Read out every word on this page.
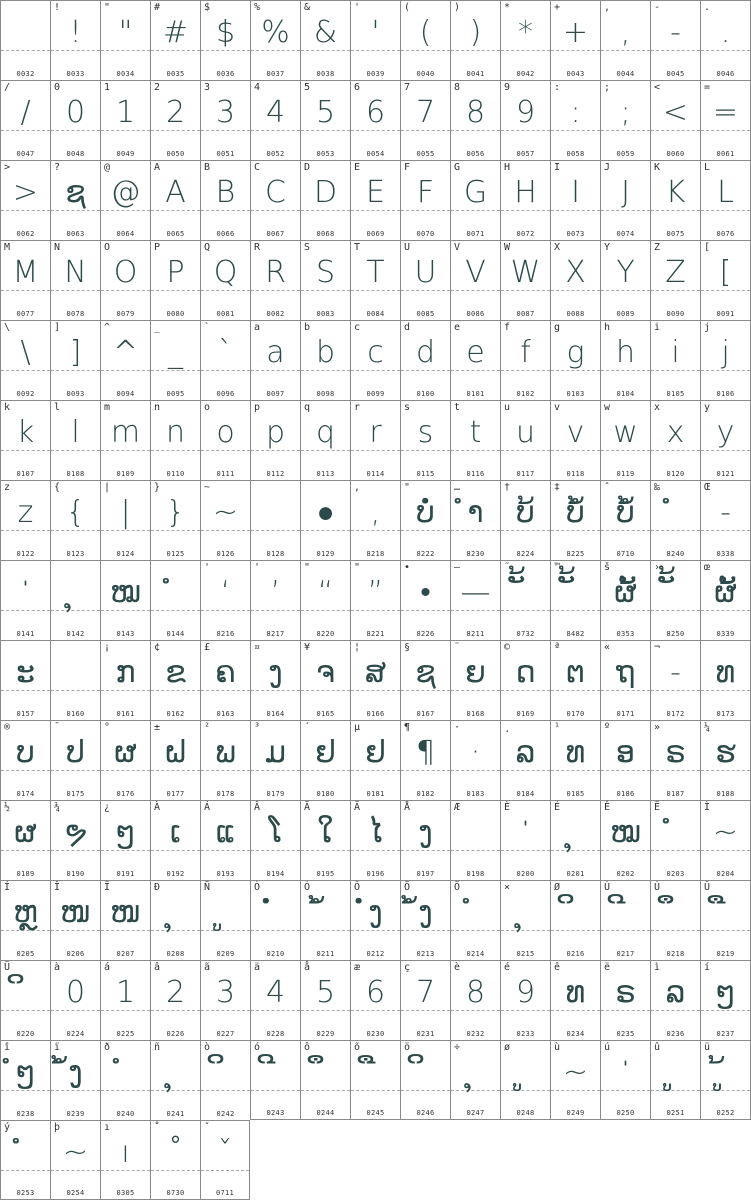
0032
!
!
0033
"
"
0034
#
#
0035
$
$
0036
%
%
0037
&
&
0038
'
'
0039
(
(
0040
)
)
0041
*
*
0042
+
+
0043
,
,
0044
-
-
0045
.
.
0046
/
/
0047
0
0
0048
1
1
0049
2
2
0050
3
3
0051
4
4
0052
5
5
0053
6
6
0054
7
7
0055
8
8
0056
9
9
0057
:
:
0058
;
;
0059
<
<
0060
=
=
0061
>
>
0062
?
ຊ
0063
@
@
0064
A
A
0065
B
B
0066
C
C
0067
D
D
0068
E
E
0069
F
F
0070
G
G
0071
H
H
0072
I
I
0073
J
J
0074
K
K
0075
L
L
0076
M
M
0077
N
N
0078
O
O
0079
P
P
0080
Q
Q
0081
R
R
0082
S
S
0083
T
T
0084
U
U
0085
V
V
0086
W
W
0087
X
X
0088
Y
Y
0089
Z
Z
0090
[
[
0091
\
\
0092
]
]
0093
^
^
0094
_
_
0095
`
`
0096
a
a
0097
b
b
0098
c
c
0099
d
d
0100
e
e
0101
f
f
0102
g
g
0103
h
h
0104
i
i
0105
j
j
0106
k
k
0107
l
l
0108
m
m
0109
n
n
0110
o
o
0111
p
p
0112
q
q
0113
r
r
0114
s
s
0115
t
t
0116
u
u
0117
v
v
0118
w
w
0119
x
x
0120
y
y
0121
z
z
0122
{
{
0123
|
|
0124
}
}
0125
~
~
0126	0128
●
0129
‚
,
8218
"
ບໍ່
8222
…
ຳ
8230
†
ບ້
8224
‡
ບໍ້
8225
ˆ
ບໍ້
0710
‰
8240
Œ
-
0338
ˈ
0141	0142
ໝ
0143	0144
'
‘
8216
'
’
8217
"
“
8220
"
”
8221
•
•
8226
—
—
8211
˜
0732
™
8482
š
ຜັ້
0353
›
8250
œ
ຜັ້
0339
ະ
0157	0160
¡
ກ
0161
¢
ຂ
0162
£
ຄ
0163
¤
ງ
0164
¥
ຈ
0165
¦
ສ
0166
§
ຊ
0167
¨
ຍ
0168
©
ດ
0169
ª
ຕ
0170
«
ຖ
0171
¬
-
0172
ທ
0173
®
ບ
0174
¯
ປ
0175
°
ຜ
0176
±
ຝ
0177
²
ພ
0178
³
ມ
0179
´
ຢ
0180
µ
ຢ
0181
¶
¶
0182
·
·
0183
¸
ລ
0184
¹
ທ
0185
º
ອ
0186
»
ຣ
0187
¼
ຮ
0188
½
ຜ
0189
¾
ຯ
0190
¿
ໆ
0191
À
ເ
0192
Á
ແ
0193
Â
ໂ
0194
Ã
ໃ
0195
Ä
ໄ
0196
Å
ງ
0197
Æ
0198
È
ˈ
0200
É
0201
Ê
ໝ
0202
Ë
0203
Ì
~
0204
Í
ຫຼ
0205
Î
ໜ
0206
Ï
ໜ
0207
Ð
0208
Ñ
0209
Ò
0210
Ó
0211
Ô
ໍ່ງ
0212
Õ
ໍ້ງ
0213
Ö
0214
×
0215
Ø
0216
Ù
0217
Ú
0218
Û
0219
Ü
0220
à
0
0224
á
1
0225
â
2
0226
ã
3
0227
ä
4
0228
å
5
0229
æ
6
0230
ç
7
0231
è
8
0232
é
9
0233
ê
ທ
0234
ë
ຣ
0235
ì
ລ
0236
í
ໆ
0237
î
ໍໆ
0238
ï
ໍ້ງ
0239
ð
0240
ñ
0241
ò
0242
ó
0243
ô
0244
õ
0245
ö
0246
÷
0247
ø
0248
ù
~
0249
ú
ˈ
0250
û
0251
ü
0252
ý
0253
þ
~
0254
ı
ı
0305
˚
˚
0730
ˇ
ˇ
0711
